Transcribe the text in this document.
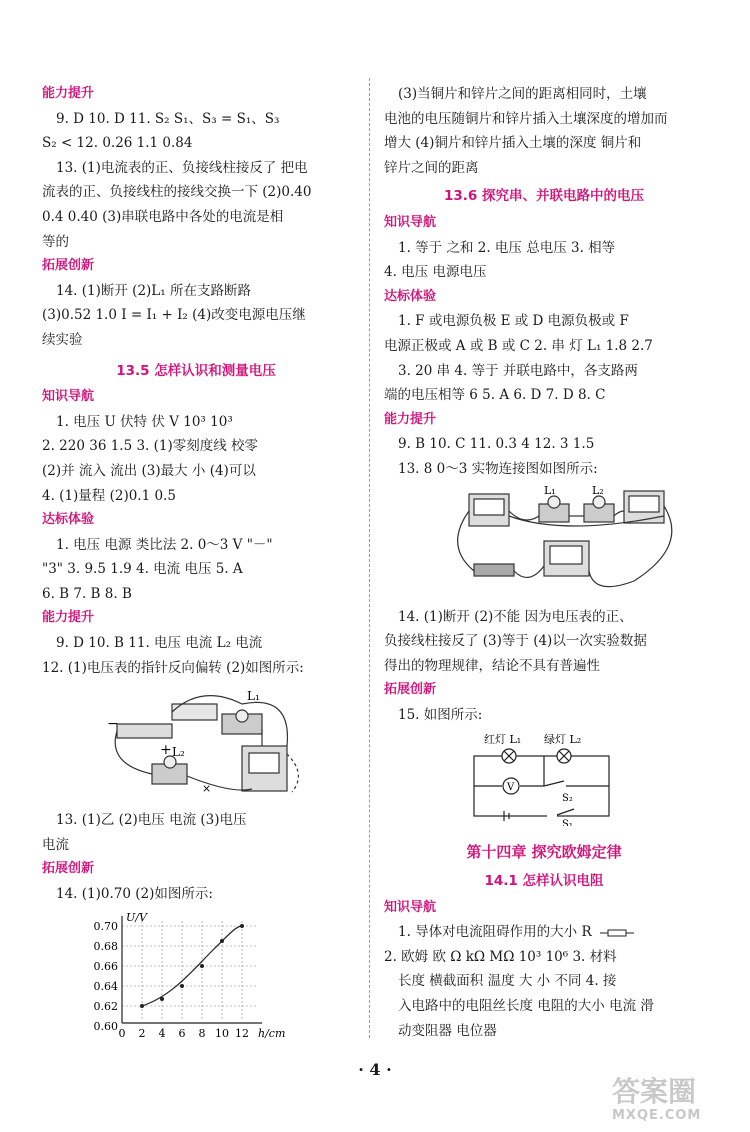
能力提升
9. D 10. D 11. S₂ S₁、S₃ = S₁、S₃
S₂ < 12. 0.26 1.1 0.84
13. (1)电流表的正、负接线柱接反了 把电
流表的正、负接线柱的接线交换一下 (2)0.40
0.4 0.40 (3)串联电路中各处的电流是相
等的
拓展创新
14. (1)断开 (2)L₁ 所在支路断路
(3)0.52 1.0 I = I₁ + I₂ (4)改变电源电压继
续实验
13.5 怎样认识和测量电压
知识导航
1. 电压 U 伏特 伏 V 10³ 10³
2. 220 36 1.5 3. (1)零刻度线 校零
(2)并 流入 流出 (3)最大 小 (4)可以
4. (1)量程 (2)0.1 0.5
达标体验
1. 电压 电源 类比法 2. 0～3 V "－"
"3" 3. 9.5 1.9 4. 电流 电压 5. A
6. B 7. B 8. B
能力提升
9. D 10. B 11. 电压 电流 L₂ 电流
12. (1)电压表的指针反向偏转 (2)如图所示:
L₁
L₂
−
+
×
13. (1)乙 (2)电压 电流 (3)电压
电流
拓展创新
14. (1)0.70 (2)如图所示:
U/V
h/cm
0.70
0.68
0.66
0.64
0.62
0.60
0 2 4 6 8 10 12
(3)当铜片和锌片之间的距离相同时，土壤
电池的电压随铜片和锌片插入土壤深度的增加而
增大 (4)铜片和锌片插入土壤的深度 铜片和
锌片之间的距离
13.6 探究串、并联电路中的电压
知识导航
1. 等于 之和 2. 电压 总电压 3. 相等
4. 电压 电源电压
达标体验
1. F 或电源负极 E 或 D 电源负极或 F
电源正极或 A 或 B 或 C 2. 串 灯 L₁ 1.8 2.7
3. 20 串 4. 等于 并联电路中，各支路两
端的电压相等 6 5. A 6. D 7. D 8. C
能力提升
9. B 10. C 11. 0.3 4 12. 3 1.5
13. 8 0～3 实物连接图如图所示:
L₁	L₂
14. (1)断开 (2)不能 因为电压表的正、
负接线柱接反了 (3)等于 (4)以一次实验数据
得出的物理规律，结论不具有普遍性
拓展创新
15. 如图所示:
红灯 L₁ 绿灯 L₂
V
S₂
S₁
第十四章 探究欧姆定律
14.1 怎样认识电阻
知识导航
1. 导体对电流阻碍作用的大小 R
2. 欧姆 欧 Ω kΩ MΩ 10³ 10⁶ 3. 材料
长度 横截面积 温度 大 小 不同 4. 接
入电路中的电阻丝长度 电阻的大小 电流 滑
动变阻器 电位器
· 4 ·
答案圈
MXQE.COM
